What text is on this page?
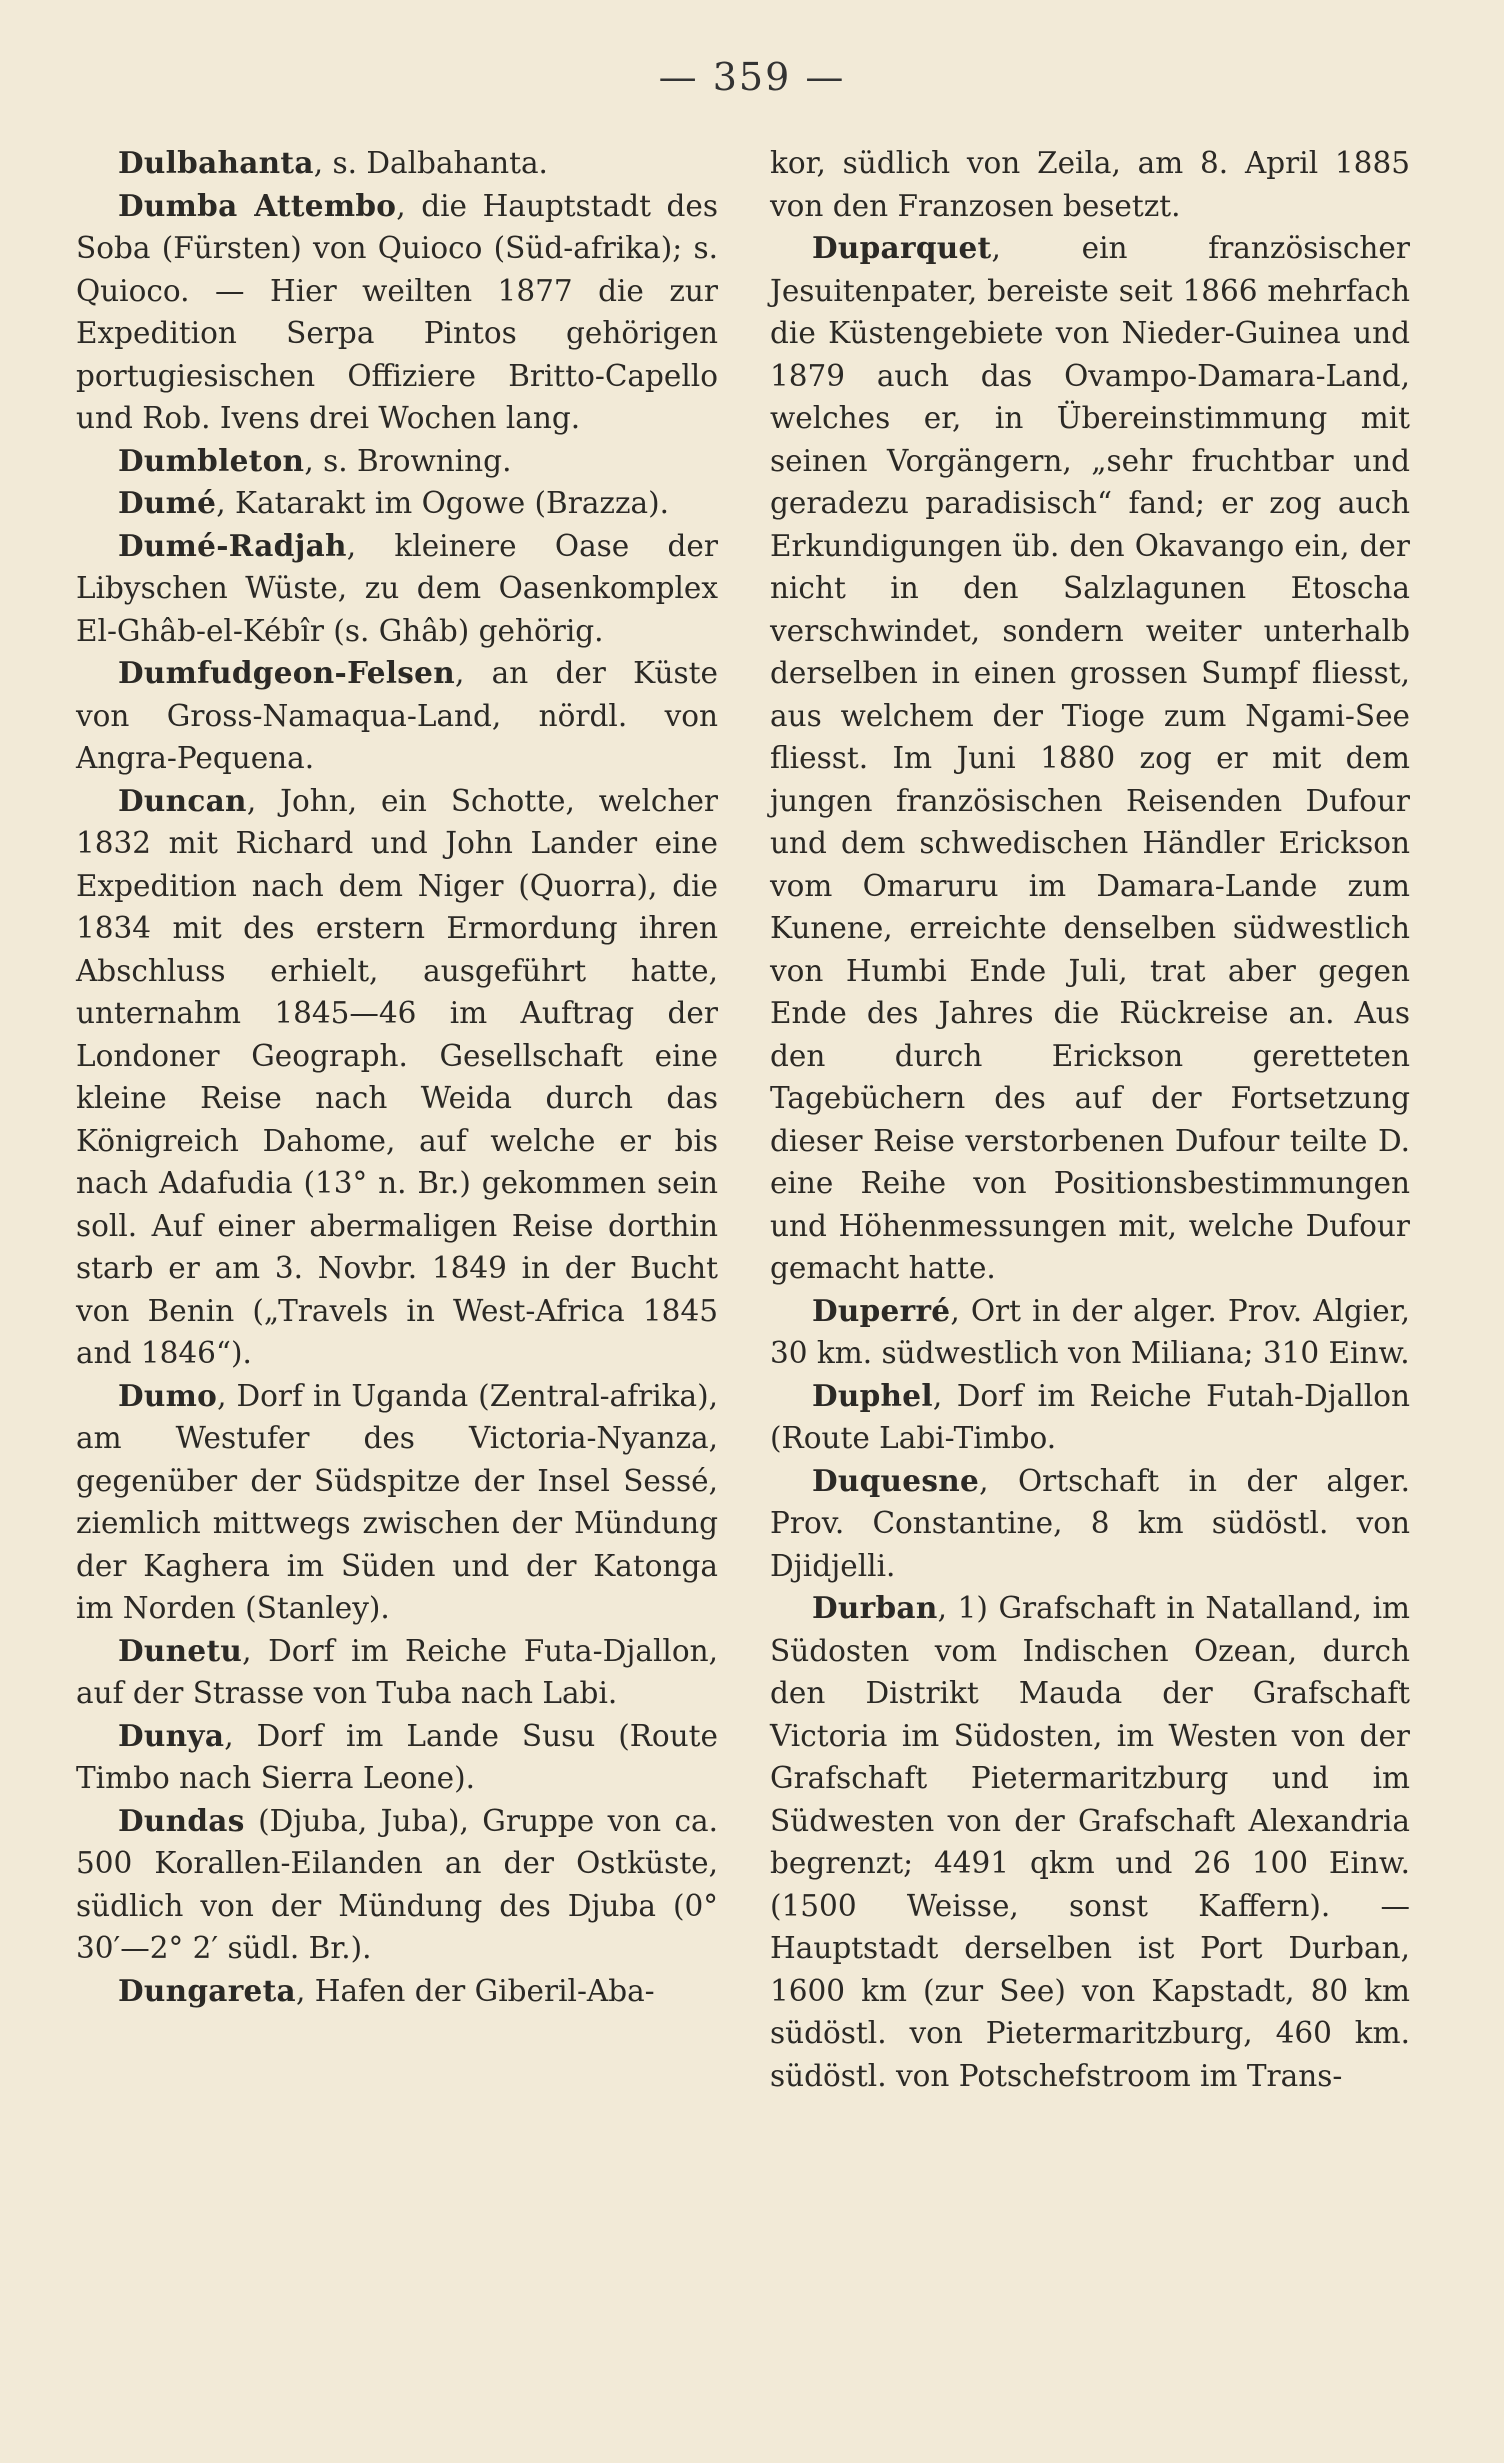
— 359 —

Dulbahanta, s. Dalbahanta.

Dumba Attembo, die Hauptstadt des Soba (Fürsten) von Quioco (Süd-afrika); s. Quioco. — Hier weilten 1877 die zur Expedition Serpa Pintos gehörigen portugiesischen Offiziere Britto-Capello und Rob. Ivens drei Wochen lang.

Dumbleton, s. Browning.

Dumé, Katarakt im Ogowe (Brazza).

Dumé-Radjah, kleinere Oase der Libyschen Wüste, zu dem Oasenkomplex El-Ghâb-el-Kébîr (s. Ghâb) gehörig.

Dumfudgeon-Felsen, an der Küste von Gross-Namaqua-Land, nördl. von Angra-Pequena.

Duncan, John, ein Schotte, welcher 1832 mit Richard und John Lander eine Expedition nach dem Niger (Quorra), die 1834 mit des erstern Ermordung ihren Abschluss erhielt, ausgeführt hatte, unternahm 1845—46 im Auftrag der Londoner Geograph. Gesellschaft eine kleine Reise nach Weida durch das Königreich Dahome, auf welche er bis nach Adafudia (13° n. Br.) gekommen sein soll. Auf einer abermaligen Reise dorthin starb er am 3. Novbr. 1849 in der Bucht von Benin („Travels in West-Africa 1845 and 1846“).

Dumo, Dorf in Uganda (Zentral-afrika), am Westufer des Victoria-Nyanza, gegenüber der Südspitze der Insel Sessé, ziemlich mittwegs zwischen der Mündung der Kaghera im Süden und der Katonga im Norden (Stanley).

Dunetu, Dorf im Reiche Futa-Djallon, auf der Strasse von Tuba nach Labi.

Dunya, Dorf im Lande Susu (Route Timbo nach Sierra Leone).

Dundas (Djuba, Juba), Gruppe von ca. 500 Korallen-Eilanden an der Ostküste, südlich von der Mündung des Djuba (0° 30′—2° 2′ südl. Br.).

Dungareta, Hafen der Giberil-Aba-

kor, südlich von Zeila, am 8. April 1885 von den Franzosen besetzt.

Duparquet, ein französischer Jesuitenpater, bereiste seit 1866 mehrfach die Küstengebiete von Nieder-Guinea und 1879 auch das Ovampo-Damara-Land, welches er, in Übereinstimmung mit seinen Vorgängern, „sehr fruchtbar und geradezu paradisisch“ fand; er zog auch Erkundigungen üb. den Okavango ein, der nicht in den Salzlagunen Etoscha verschwindet, sondern weiter unterhalb derselben in einen grossen Sumpf fliesst, aus welchem der Tioge zum Ngami-See fliesst. Im Juni 1880 zog er mit dem jungen französischen Reisenden Dufour und dem schwedischen Händler Erickson vom Omaruru im Damara-Lande zum Kunene, erreichte denselben südwestlich von Humbi Ende Juli, trat aber gegen Ende des Jahres die Rückreise an. Aus den durch Erickson geretteten Tagebüchern des auf der Fortsetzung dieser Reise verstorbenen Dufour teilte D. eine Reihe von Positionsbestimmungen und Höhenmessungen mit, welche Dufour gemacht hatte.

Duperré, Ort in der alger. Prov. Algier, 30 km. südwestlich von Miliana; 310 Einw.

Duphel, Dorf im Reiche Futah-Djallon (Route Labi-Timbo.

Duquesne, Ortschaft in der alger. Prov. Constantine, 8 km südöstl. von Djidjelli.

Durban, 1) Grafschaft in Natalland, im Südosten vom Indischen Ozean, durch den Distrikt Mauda der Grafschaft Victoria im Südosten, im Westen von der Grafschaft Pietermaritzburg und im Südwesten von der Grafschaft Alexandria begrenzt; 4491 qkm und 26 100 Einw. (1500 Weisse, sonst Kaffern). — Hauptstadt derselben ist Port Durban, 1600 km (zur See) von Kapstadt, 80 km südöstl. von Pietermaritzburg, 460 km. südöstl. von Potschefstroom im Trans-
